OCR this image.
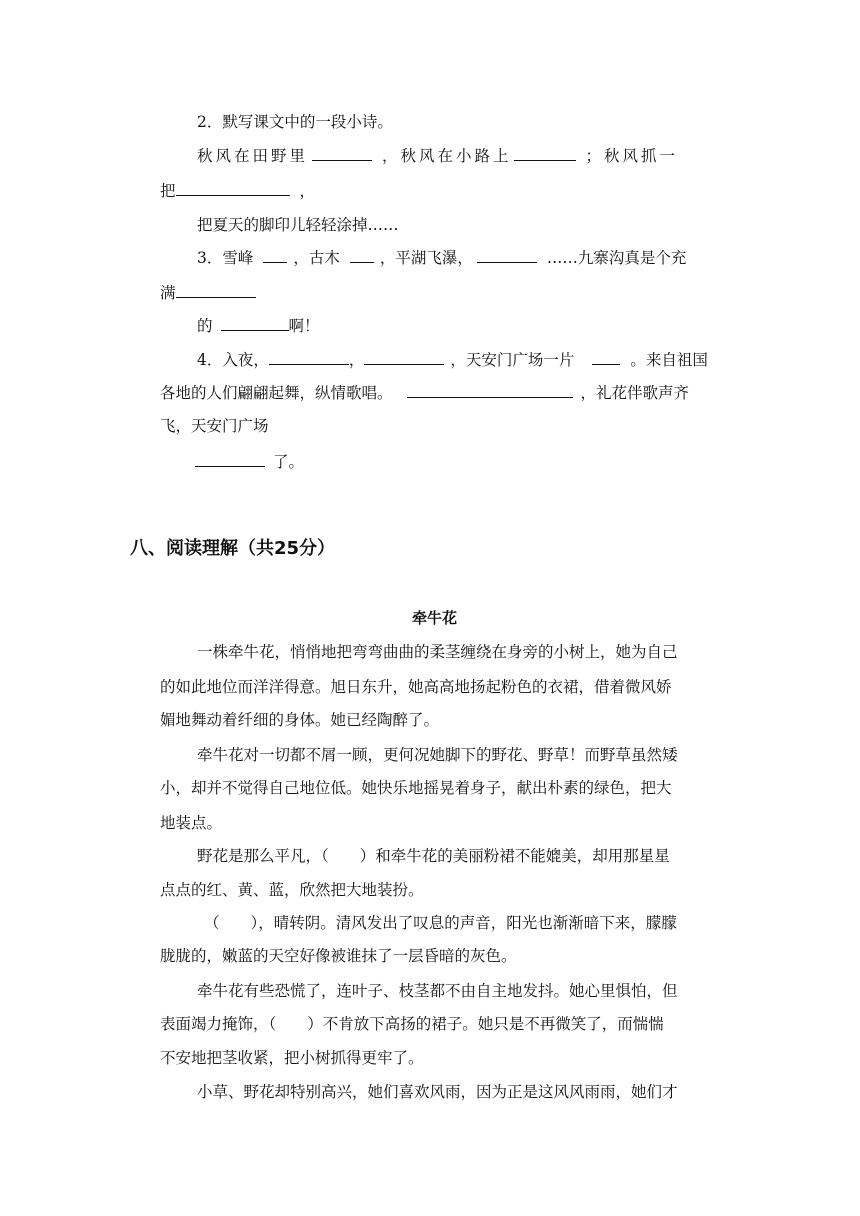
2．默写课文中的一段小诗。
秋风在田野里	，秋风在小路上	；秋风抓一
把	，
把夏天的脚印儿轻轻涂掉……
3．雪峰	，古木	，平湖飞瀑，	……九寨沟真是个充
满
的	啊！
4．入夜，	，	，天安门广场一片	。来自祖国
各地的人们翩翩起舞，纵情歌唱。	，礼花伴歌声齐
飞，天安门广场
了。
八、阅读理解（共25分）
牵牛花
一株牵牛花，悄悄地把弯弯曲曲的柔茎缠绕在身旁的小树上，她为自己
的如此地位而洋洋得意。旭日东升，她高高地扬起粉色的衣裙，借着微风娇
媚地舞动着纤细的身体。她已经陶醉了。
牵牛花对一切都不屑一顾，更何况她脚下的野花、野草！而野草虽然矮
小，却并不觉得自己地位低。她快乐地摇晃着身子，献出朴素的绿色，把大
地装点。
野花是那么平凡，（　　）和牵牛花的美丽粉裙不能媲美，却用那星星
点点的红、黄、蓝，欣然把大地装扮。
（　　），晴转阴。清风发出了叹息的声音，阳光也渐渐暗下来，朦朦
胧胧的，嫩蓝的天空好像被谁抹了一层昏暗的灰色。
牵牛花有些恐慌了，连叶子、枝茎都不由自主地发抖。她心里惧怕，但
表面竭力掩饰，（　　）不肯放下高扬的裙子。她只是不再微笑了，而惴惴
不安地把茎收紧，把小树抓得更牢了。
小草、野花却特别高兴，她们喜欢风雨，因为正是这风风雨雨，她们才
